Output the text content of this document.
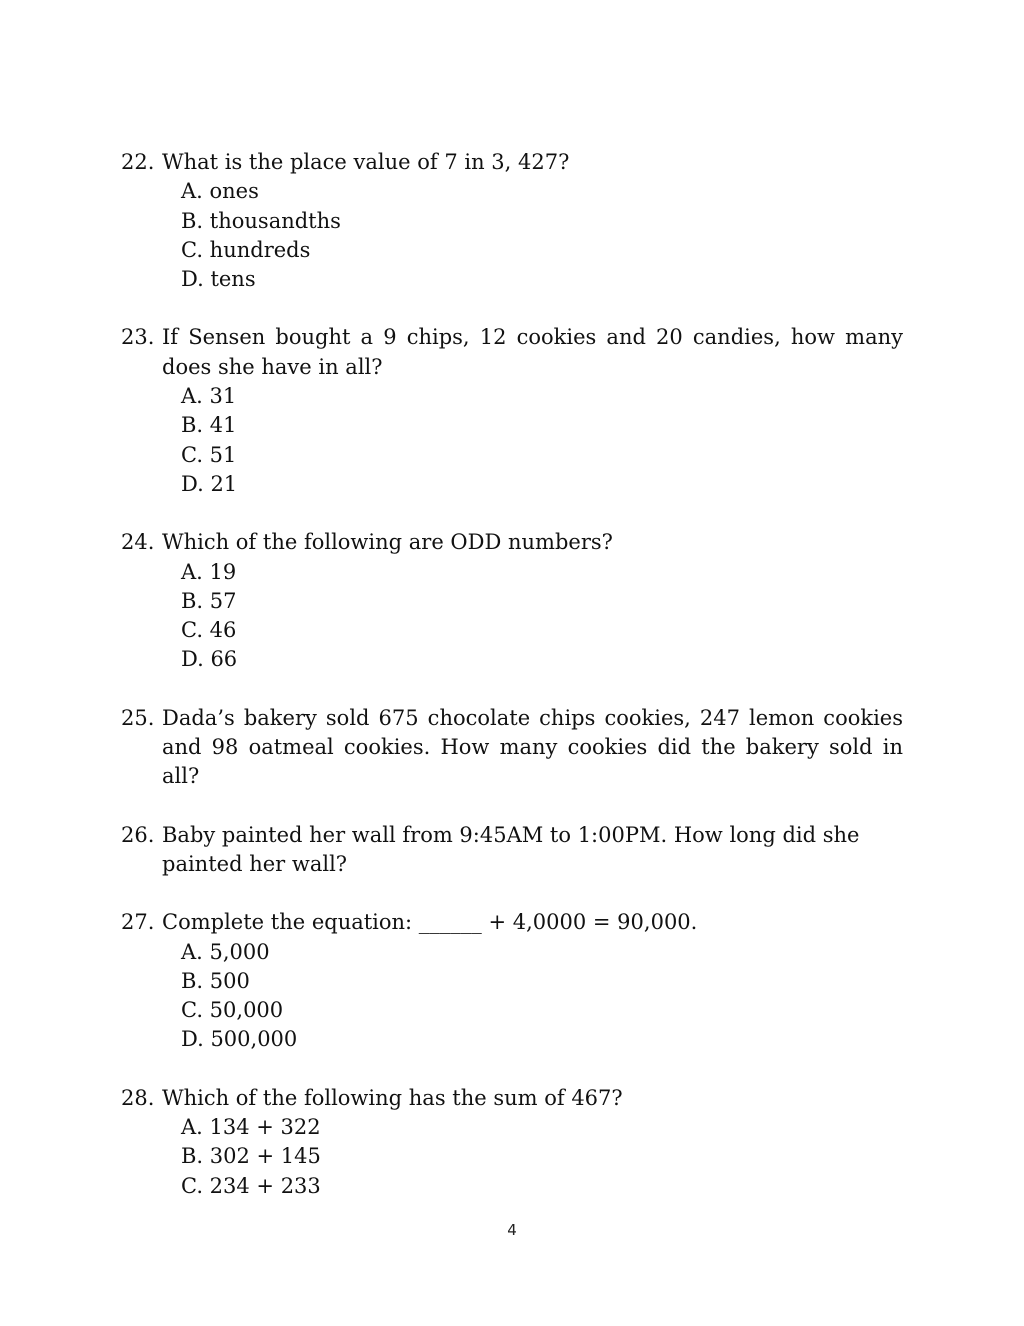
22. What is the place value of 7 in 3, 427?
A. ones
B. thousandths
C. hundreds
D. tens
23. If Sensen bought a 9 chips, 12 cookies and 20 candies, how many does she have in all?
A. 31
B. 41
C. 51
D. 21
24. Which of the following are ODD numbers?
A. 19
B. 57
C. 46
D. 66
25. Dada’s bakery sold 675 chocolate chips cookies, 247 lemon cookies and 98 oatmeal cookies. How many cookies did the bakery sold in all?
26. Baby painted her wall from 9:45AM to 1:00PM. How long did she painted her wall?
27. Complete the equation: ______ + 4,0000 = 90,000.
A. 5,000
B. 500
C. 50,000
D. 500,000
28. Which of the following has the sum of 467?
A. 134 + 322
B. 302 + 145
C. 234 + 233
4
